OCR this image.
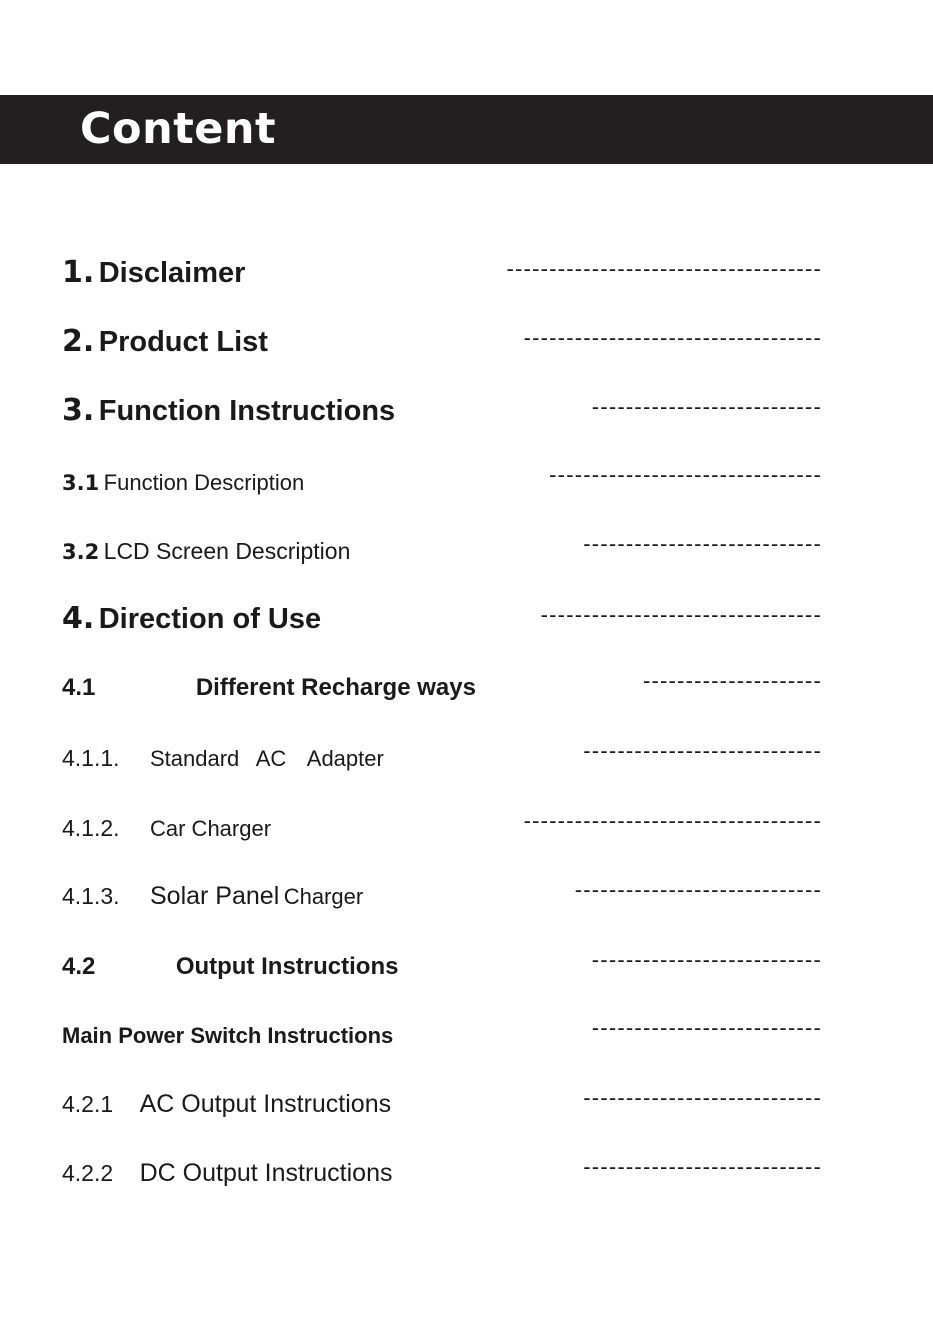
Content
1. Disclaimer	-------------------------------------
2. Product List	-----------------------------------
3. Function Instructions	---------------------------
3.1 Function Description	--------------------------------
3.2 LCD Screen Description	----------------------------
4. Direction of Use	---------------------------------
4.1	Different Recharge ways	---------------------
4.1.1. Standard AC Adapter	----------------------------
4.1.2. Car Charger	-----------------------------------
4.1.3. Solar Panel Charger	-----------------------------
4.2	Output Instructions	---------------------------
Main Power Switch Instructions	---------------------------
4.2.1 AC Output Instructions	----------------------------
4.2.2 DC Output Instructions	----------------------------
